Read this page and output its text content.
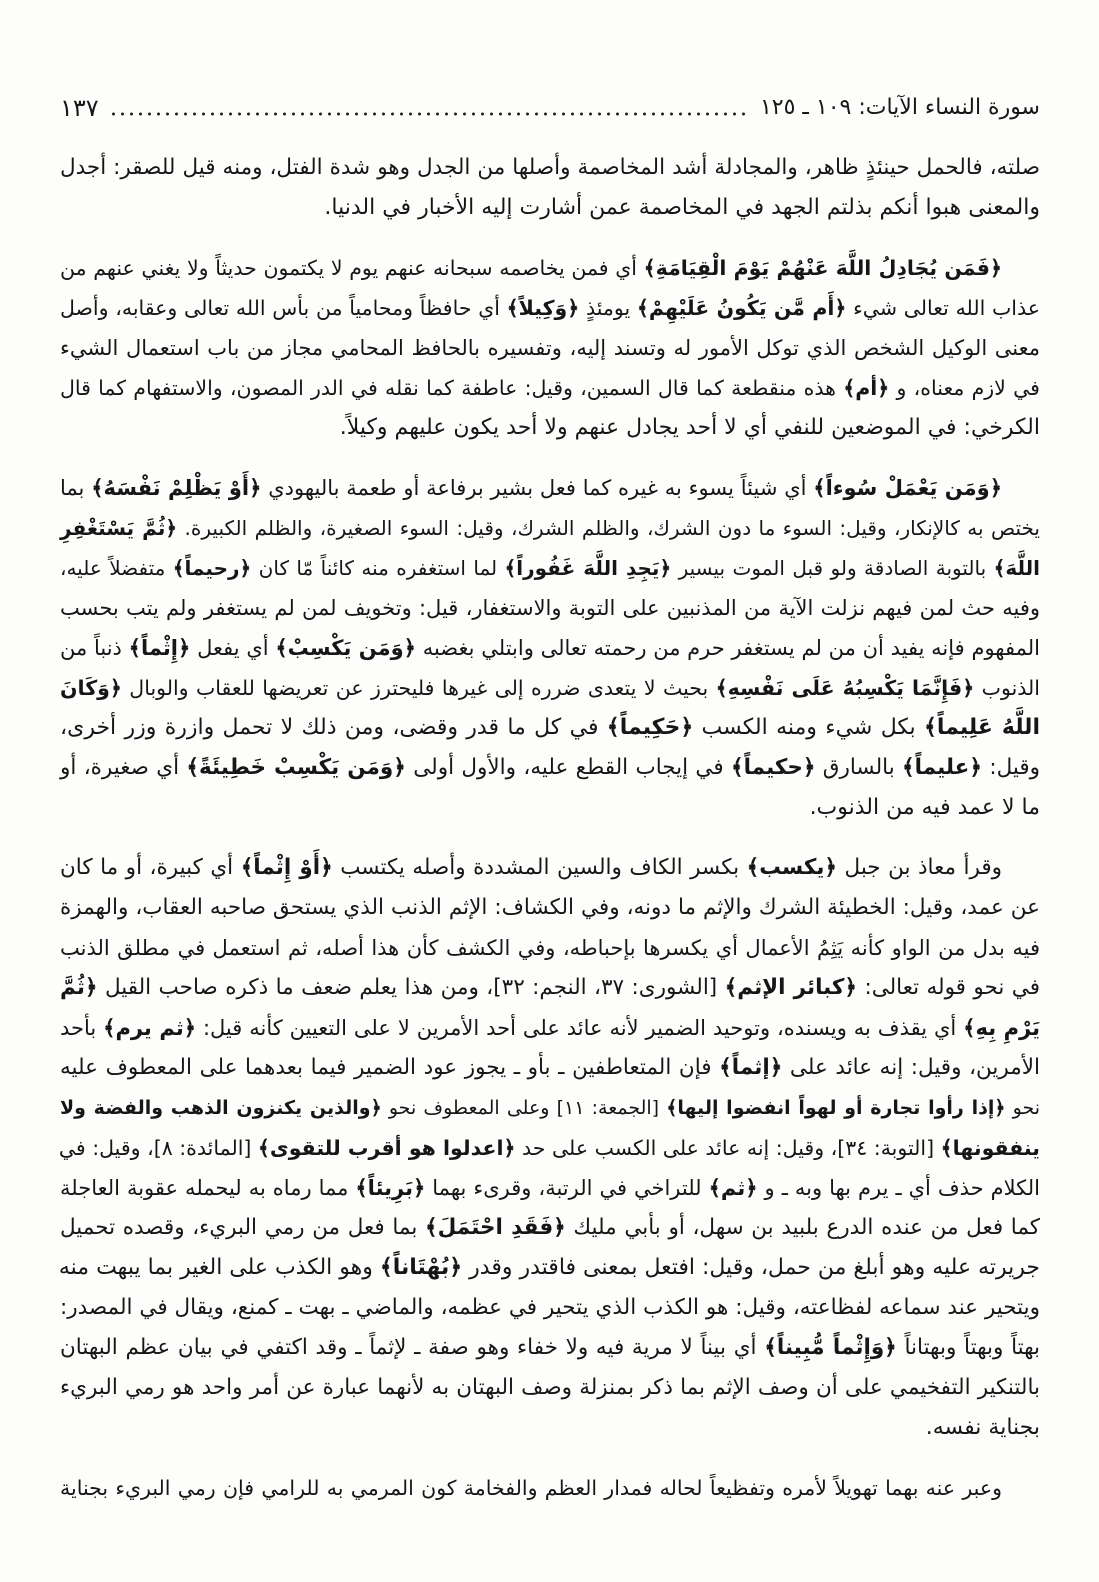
سورة النساء الآيات: ١٠٩ ـ ١٢٥
١٣٧
صلته، فالحمل حينئذٍ ظاهر، والمجادلة أشد المخاصمة وأصلها من الجدل وهو شدة الفتل، ومنه قيل للصقر: أجدل
والمعنى هبوا أنكم بذلتم الجهد في المخاصمة عمن أشارت إليه الأخبار في الدنيا.
﴿فَمَن يُجَادِلُ اللَّهَ عَنْهُمْ يَوْمَ الْقِيَامَةِ﴾ أي فمن يخاصمه سبحانه عنهم يوم لا يكتمون حديثاً ولا يغني عنهم من
عذاب الله تعالى شيء ﴿أَم مَّن يَكُونُ عَلَيْهِمْ﴾ يومئذٍ ﴿وَكِيلاً﴾ أي حافظاً ومحامياً من بأس الله تعالى وعقابه، وأصل
معنى الوكيل الشخص الذي توكل الأمور له وتسند إليه، وتفسيره بالحافظ المحامي مجاز من باب استعمال الشيء
في لازم معناه، و ﴿أم﴾ هذه منقطعة كما قال السمين، وقيل: عاطفة كما نقله في الدر المصون، والاستفهام كما قال
الكرخي: في الموضعين للنفي أي لا أحد يجادل عنهم ولا أحد يكون عليهم وكيلاً.
﴿وَمَن يَعْمَلْ سُوءاً﴾ أي شيئاً يسوء به غيره كما فعل بشير برفاعة أو طعمة باليهودي ﴿أَوْ يَظْلِمْ نَفْسَهُ﴾ بما
يختص به كالإنكار، وقيل: السوء ما دون الشرك، والظلم الشرك، وقيل: السوء الصغيرة، والظلم الكبيرة. ﴿ثُمَّ يَسْتَغْفِرِ
اللَّهَ﴾ بالتوبة الصادقة ولو قبل الموت بيسير ﴿يَجِدِ اللَّهَ غَفُوراً﴾ لما استغفره منه كائناً مّا كان ﴿رحيماً﴾ متفضلاً عليه،
وفيه حث لمن فيهم نزلت الآية من المذنبين على التوبة والاستغفار، قيل: وتخويف لمن لم يستغفر ولم يتب بحسب
المفهوم فإنه يفيد أن من لم يستغفر حرم من رحمته تعالى وابتلي بغضبه ﴿وَمَن يَكْسِبْ﴾ أي يفعل ﴿إِثْماً﴾ ذنباً من
الذنوب ﴿فَإِنَّمَا يَكْسِبُهُ عَلَى نَفْسِهِ﴾ بحيث لا يتعدى ضرره إلى غيرها فليحترز عن تعريضها للعقاب والوبال ﴿وَكَانَ
اللَّهُ عَلِيماً﴾ بكل شيء ومنه الكسب ﴿حَكِيماً﴾ في كل ما قدر وقضى، ومن ذلك لا تحمل وازرة وزر أخرى،
وقيل: ﴿عليماً﴾ بالسارق ﴿حكيماً﴾ في إيجاب القطع عليه، والأول أولى ﴿وَمَن يَكْسِبْ خَطِيئَةً﴾ أي صغيرة، أو
ما لا عمد فيه من الذنوب.
وقرأ معاذ بن جبل ﴿يكسب﴾ بكسر الكاف والسين المشددة وأصله يكتسب ﴿أَوْ إِثْماً﴾ أي كبيرة، أو ما كان
عن عمد، وقيل: الخطيئة الشرك والإثم ما دونه، وفي الكشاف: الإثم الذنب الذي يستحق صاحبه العقاب، والهمزة
فيه بدل من الواو كأنه يَثِمُ الأعمال أي يكسرها بإحباطه، وفي الكشف كأن هذا أصله، ثم استعمل في مطلق الذنب
في نحو قوله تعالى: ﴿كبائر الإثم﴾ [الشورى: ٣٧، النجم: ٣٢]، ومن هذا يعلم ضعف ما ذكره صاحب القيل ﴿ثُمَّ
يَرْمِ بِهِ﴾ أي يقذف به ويسنده، وتوحيد الضمير لأنه عائد على أحد الأمرين لا على التعيين كأنه قيل: ﴿ثم يرم﴾ بأحد
الأمرين، وقيل: إنه عائد على ﴿إثماً﴾ فإن المتعاطفين ـ بأو ـ يجوز عود الضمير فيما بعدهما على المعطوف عليه
نحو ﴿إذا رأوا تجارة أو لهواً انفضوا إليها﴾ [الجمعة: ١١] وعلى المعطوف نحو ﴿والذين يكنزون الذهب والفضة ولا
ينفقونها﴾ [التوبة: ٣٤]، وقيل: إنه عائد على الكسب على حد ﴿اعدلوا هو أقرب للتقوى﴾ [المائدة: ٨]، وقيل: في
الكلام حذف أي ـ يرم بها وبه ـ و ﴿ثم﴾ للتراخي في الرتبة، وقرىء بهما ﴿بَرِيئاً﴾ مما رماه به ليحمله عقوبة العاجلة
كما فعل من عنده الدرع بلبيد بن سهل، أو بأبي مليك ﴿فَقَدِ احْتَمَلَ﴾ بما فعل من رمي البريء، وقصده تحميل
جريرته عليه وهو أبلغ من حمل، وقيل: افتعل بمعنى فاقتدر وقدر ﴿بُهْتَاناً﴾ وهو الكذب على الغير بما يبهت منه
ويتحير عند سماعه لفظاعته، وقيل: هو الكذب الذي يتحير في عظمه، والماضي ـ بهت ـ كمنع، ويقال في المصدر:
بهتاً وبهتاً وبهتاناً ﴿وَإِثْماً مُّبِيناً﴾ أي بيناً لا مرية فيه ولا خفاء وهو صفة ـ لإثماً ـ وقد اكتفي في بيان عظم البهتان
بالتنكير التفخيمي على أن وصف الإثم بما ذكر بمنزلة وصف البهتان به لأنهما عبارة عن أمر واحد هو رمي البريء
بجناية نفسه.
وعبر عنه بهما تهويلاً لأمره وتفظيعاً لحاله فمدار العظم والفخامة كون المرمي به للرامي فإن رمي البريء بجناية
